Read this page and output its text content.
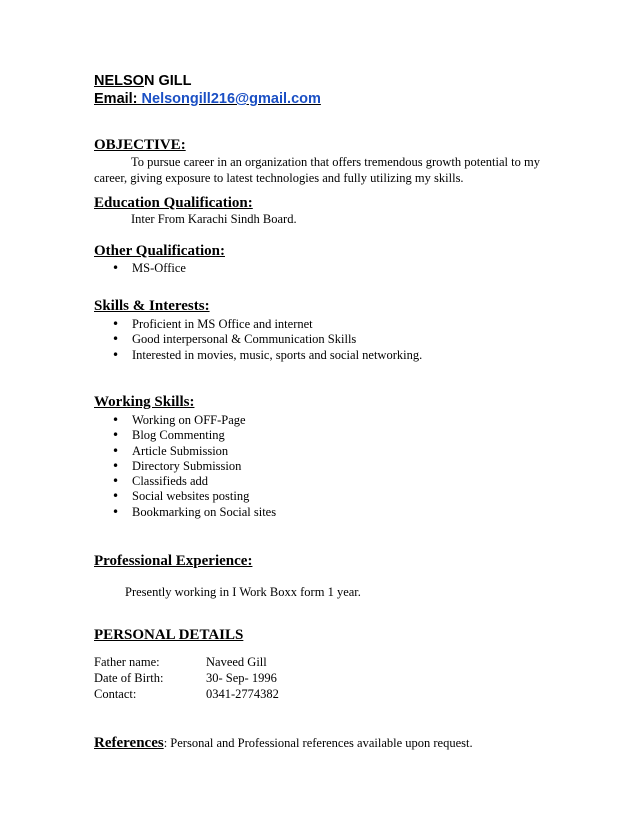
NELSON GILL
Email: Nelsongill216@gmail.com
OBJECTIVE:

To pursue career in an organization that offers tremendous growth potential to my

career, giving exposure to latest technologies and fully utilizing my skills.

Education Qualification:

Inter From Karachi Sindh Board.

Other Qualification:
• MS-Office
Skills & Interests:
• Proficient in MS Office and internet
• Good interpersonal & Communication Skills
• Interested in movies, music, sports and social networking.
Working Skills:
• Working on OFF-Page
• Blog Commenting
• Article Submission
• Directory Submission
• Classifieds add
• Social websites posting
• Bookmarking on Social sites
Professional Experience:

Presently working in I Work Boxx form 1 year.

PERSONAL DETAILS
Father name:	Naveed Gill
Date of Birth:	30- Sep- 1996
Contact:	0341-2774382
References: Personal and Professional references available upon request.
